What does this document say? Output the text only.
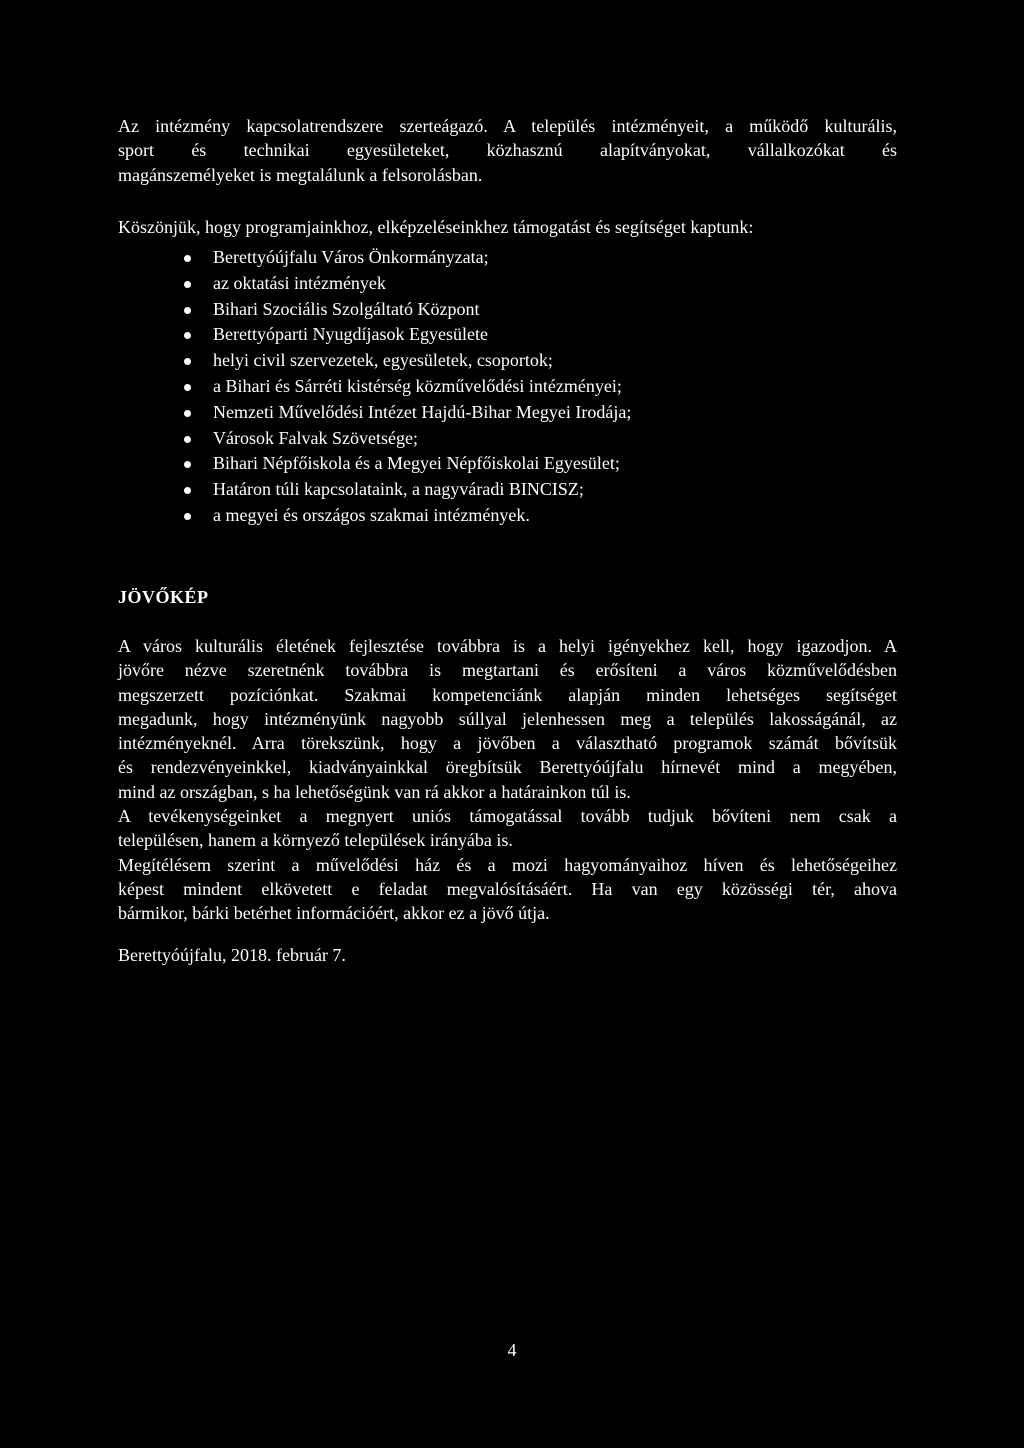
Az intézmény kapcsolatrendszere szerteágazó. A település intézményeit, a működő kulturális,
sport és technikai egyesületeket, közhasznú alapítványokat, vállalkozókat és
magánszemélyeket is megtalálunk a felsorolásban.
Köszönjük, hogy programjainkhoz, elképzeléseinkhez támogatást és segítséget kaptunk:
Berettyóújfalu Város Önkormányzata;
az oktatási intézmények
Bihari Szociális Szolgáltató Központ
Berettyóparti Nyugdíjasok Egyesülete
helyi civil szervezetek, egyesületek, csoportok;
a Bihari és Sárréti kistérség közművelődési intézményei;
Nemzeti Művelődési Intézet Hajdú-Bihar Megyei Irodája;
Városok Falvak Szövetsége;
Bihari Népfőiskola és a Megyei Népfőiskolai Egyesület;
Határon túli kapcsolataink, a nagyváradi BINCISZ;
a megyei és országos szakmai intézmények.
JÖVŐKÉP
A város kulturális életének fejlesztése továbbra is a helyi igényekhez kell, hogy igazodjon. A
jövőre nézve szeretnénk továbbra is megtartani és erősíteni a város közművelődésben
megszerzett pozíciónkat. Szakmai kompetenciánk alapján minden lehetséges segítséget
megadunk, hogy intézményünk nagyobb súllyal jelenhessen meg a település lakosságánál, az
intézményeknél. Arra törekszünk, hogy a jövőben a választható programok számát bővítsük
és rendezvényeinkkel, kiadványainkkal öregbítsük Berettyóújfalu hírnevét mind a megyében,
mind az országban, s ha lehetőségünk van rá akkor a határainkon túl is.
A tevékenységeinket a megnyert uniós támogatással tovább tudjuk bővíteni nem csak a
településen, hanem a környező települések irányába is.
Megítélésem szerint a művelődési ház és a mozi hagyományaihoz híven és lehetőségeihez
képest mindent elkövetett e feladat megvalósításáért. Ha van egy közösségi tér, ahova
bármikor, bárki betérhet információért, akkor ez a jövő útja.
Berettyóújfalu, 2018. február 7.
4
